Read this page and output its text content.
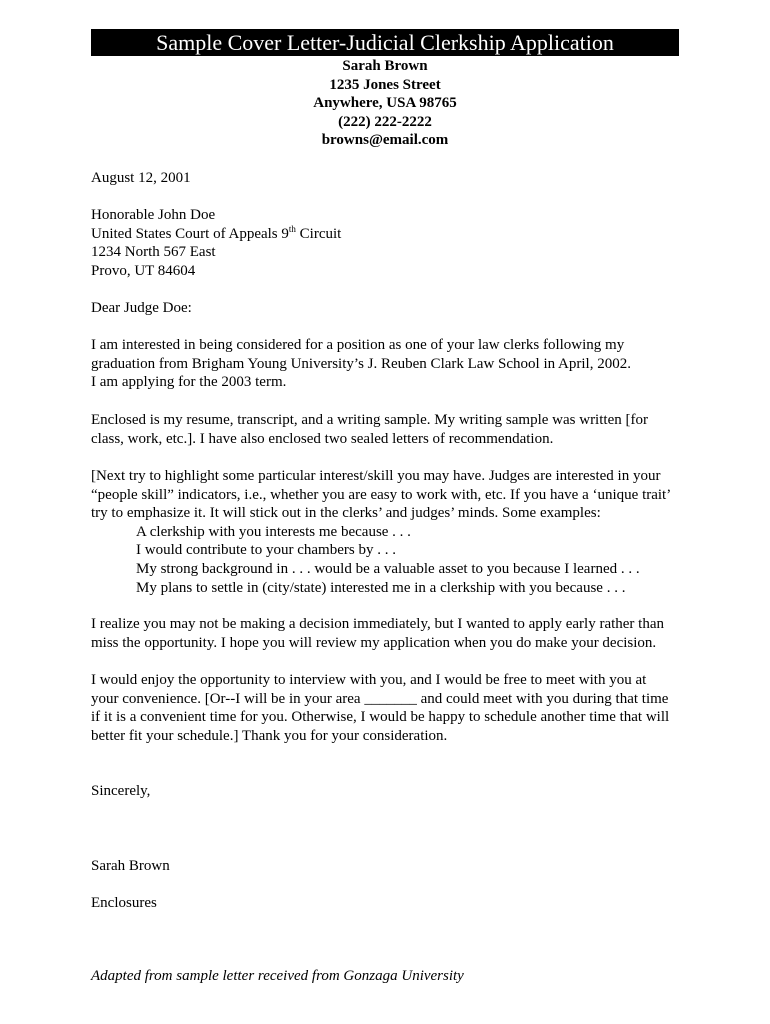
Sample Cover Letter-Judicial Clerkship Application
Sarah Brown
1235 Jones Street
Anywhere, USA 98765
(222) 222-2222
browns@email.com
August 12, 2001
Honorable John Doe
United States Court of Appeals 9th Circuit
1234 North 567 East
Provo, UT 84604
Dear Judge Doe:
I am interested in being considered for a position as one of your law clerks following my
graduation from Brigham Young University’s J. Reuben Clark Law School in April, 2002.
I am applying for the 2003 term.
Enclosed is my resume, transcript, and a writing sample. My writing sample was written [for
class, work, etc.]. I have also enclosed two sealed letters of recommendation.
[Next try to highlight some particular interest/skill you may have. Judges are interested in your
“people skill” indicators, i.e., whether you are easy to work with, etc. If you have a ‘unique trait’
try to emphasize it. It will stick out in the clerks’ and judges’ minds. Some examples:
A clerkship with you interests me because . . .
I would contribute to your chambers by . . .
My strong background in . . . would be a valuable asset to you because I learned . . .
My plans to settle in (city/state) interested me in a clerkship with you because . . .
I realize you may not be making a decision immediately, but I wanted to apply early rather than
miss the opportunity. I hope you will review my application when you do make your decision.
I would enjoy the opportunity to interview with you, and I would be free to meet with you at
your convenience. [Or--I will be in your area _______ and could meet with you during that time
if it is a convenient time for you. Otherwise, I would be happy to schedule another time that will
better fit your schedule.] Thank you for your consideration.
Sincerely,
Sarah Brown
Enclosures
Adapted from sample letter received from Gonzaga University
